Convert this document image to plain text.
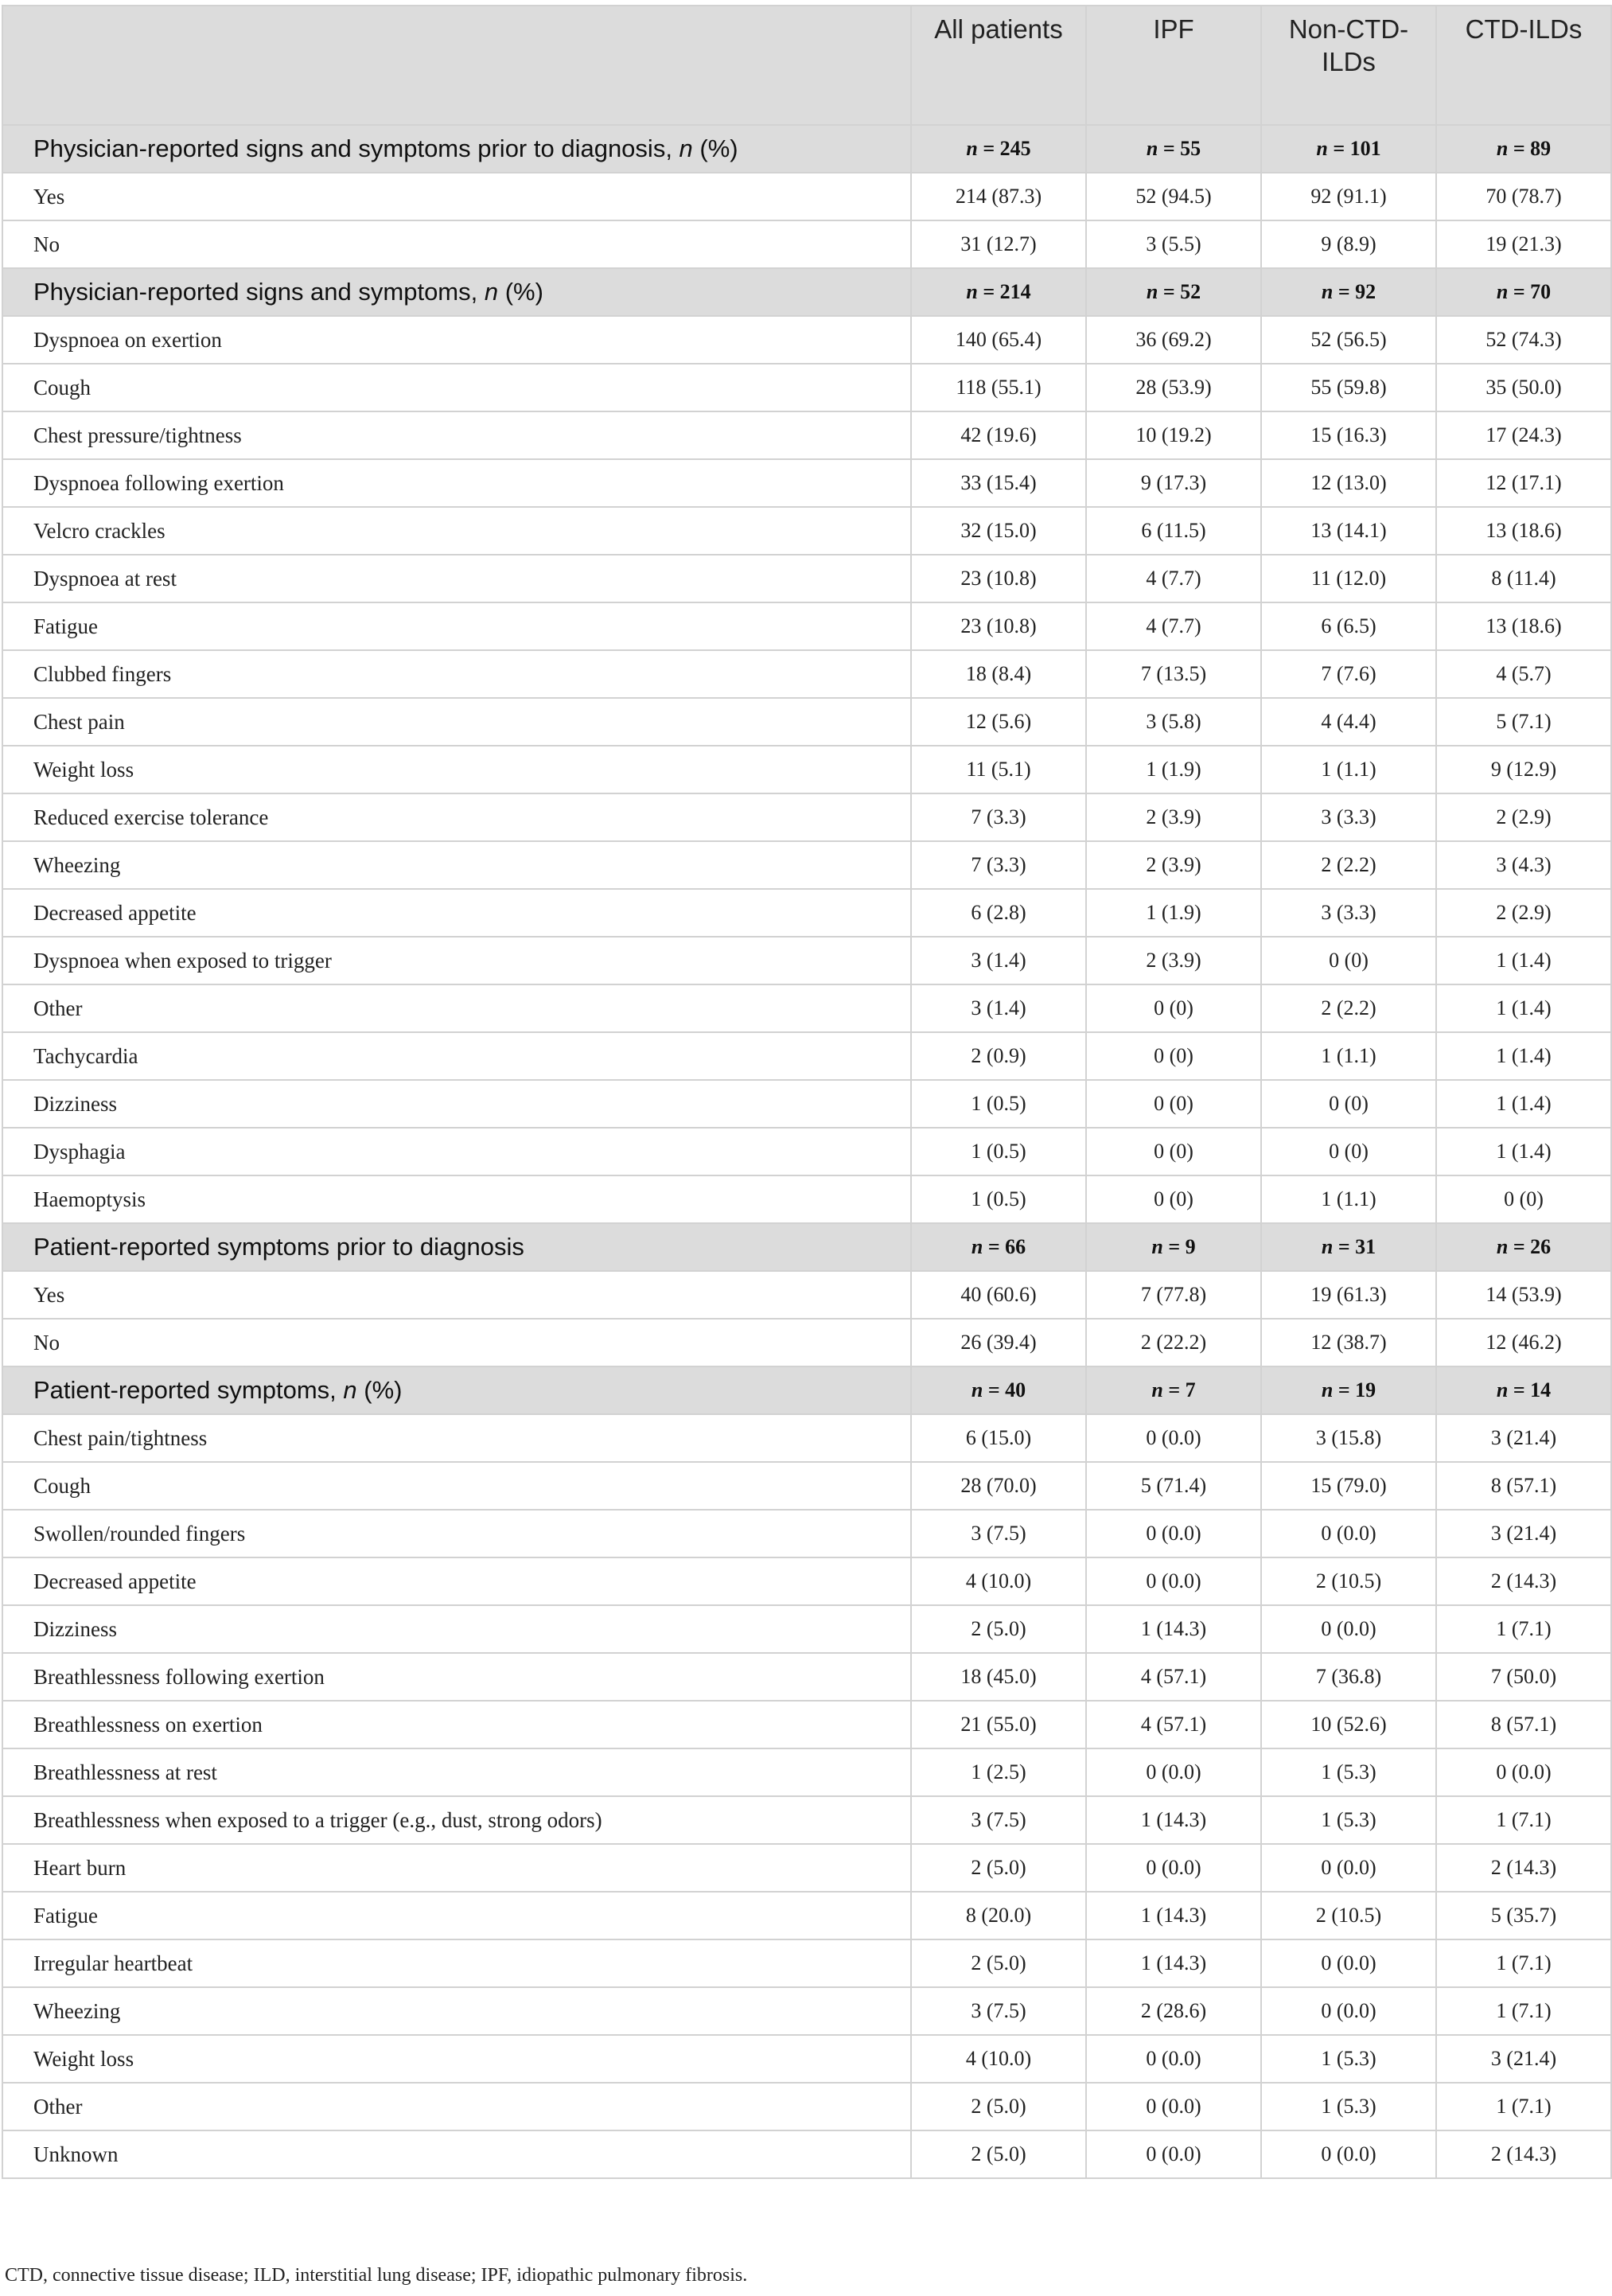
	All patients	IPF	Non-CTD-ILDs	CTD-ILDs
Physician-reported signs and symptoms prior to diagnosis, n (%)	n = 245	n = 55	n = 101	n = 89
Yes	214 (87.3)	52 (94.5)	92 (91.1)	70 (78.7)
No	31 (12.7)	3 (5.5)	9 (8.9)	19 (21.3)
Physician-reported signs and symptoms, n (%)	n = 214	n = 52	n = 92	n = 70
Dyspnoea on exertion	140 (65.4)	36 (69.2)	52 (56.5)	52 (74.3)
Cough	118 (55.1)	28 (53.9)	55 (59.8)	35 (50.0)
Chest pressure/tightness	42 (19.6)	10 (19.2)	15 (16.3)	17 (24.3)
Dyspnoea following exertion	33 (15.4)	9 (17.3)	12 (13.0)	12 (17.1)
Velcro crackles	32 (15.0)	6 (11.5)	13 (14.1)	13 (18.6)
Dyspnoea at rest	23 (10.8)	4 (7.7)	11 (12.0)	8 (11.4)
Fatigue	23 (10.8)	4 (7.7)	6 (6.5)	13 (18.6)
Clubbed fingers	18 (8.4)	7 (13.5)	7 (7.6)	4 (5.7)
Chest pain	12 (5.6)	3 (5.8)	4 (4.4)	5 (7.1)
Weight loss	11 (5.1)	1 (1.9)	1 (1.1)	9 (12.9)
Reduced exercise tolerance	7 (3.3)	2 (3.9)	3 (3.3)	2 (2.9)
Wheezing	7 (3.3)	2 (3.9)	2 (2.2)	3 (4.3)
Decreased appetite	6 (2.8)	1 (1.9)	3 (3.3)	2 (2.9)
Dyspnoea when exposed to trigger	3 (1.4)	2 (3.9)	0 (0)	1 (1.4)
Other	3 (1.4)	0 (0)	2 (2.2)	1 (1.4)
Tachycardia	2 (0.9)	0 (0)	1 (1.1)	1 (1.4)
Dizziness	1 (0.5)	0 (0)	0 (0)	1 (1.4)
Dysphagia	1 (0.5)	0 (0)	0 (0)	1 (1.4)
Haemoptysis	1 (0.5)	0 (0)	1 (1.1)	0 (0)
Patient-reported symptoms prior to diagnosis	n = 66	n = 9	n = 31	n = 26
Yes	40 (60.6)	7 (77.8)	19 (61.3)	14 (53.9)
No	26 (39.4)	2 (22.2)	12 (38.7)	12 (46.2)
Patient-reported symptoms, n (%)	n = 40	n = 7	n = 19	n = 14
Chest pain/tightness	6 (15.0)	0 (0.0)	3 (15.8)	3 (21.4)
Cough	28 (70.0)	5 (71.4)	15 (79.0)	8 (57.1)
Swollen/rounded fingers	3 (7.5)	0 (0.0)	0 (0.0)	3 (21.4)
Decreased appetite	4 (10.0)	0 (0.0)	2 (10.5)	2 (14.3)
Dizziness	2 (5.0)	1 (14.3)	0 (0.0)	1 (7.1)
Breathlessness following exertion	18 (45.0)	4 (57.1)	7 (36.8)	7 (50.0)
Breathlessness on exertion	21 (55.0)	4 (57.1)	10 (52.6)	8 (57.1)
Breathlessness at rest	1 (2.5)	0 (0.0)	1 (5.3)	0 (0.0)
Breathlessness when exposed to a trigger (e.g., dust, strong odors)	3 (7.5)	1 (14.3)	1 (5.3)	1 (7.1)
Heart burn	2 (5.0)	0 (0.0)	0 (0.0)	2 (14.3)
Fatigue	8 (20.0)	1 (14.3)	2 (10.5)	5 (35.7)
Irregular heartbeat	2 (5.0)	1 (14.3)	0 (0.0)	1 (7.1)
Wheezing	3 (7.5)	2 (28.6)	0 (0.0)	1 (7.1)
Weight loss	4 (10.0)	0 (0.0)	1 (5.3)	3 (21.4)
Other	2 (5.0)	0 (0.0)	1 (5.3)	1 (7.1)
Unknown	2 (5.0)	0 (0.0)	0 (0.0)	2 (14.3)
CTD, connective tissue disease; ILD, interstitial lung disease; IPF, idiopathic pulmonary fibrosis.
